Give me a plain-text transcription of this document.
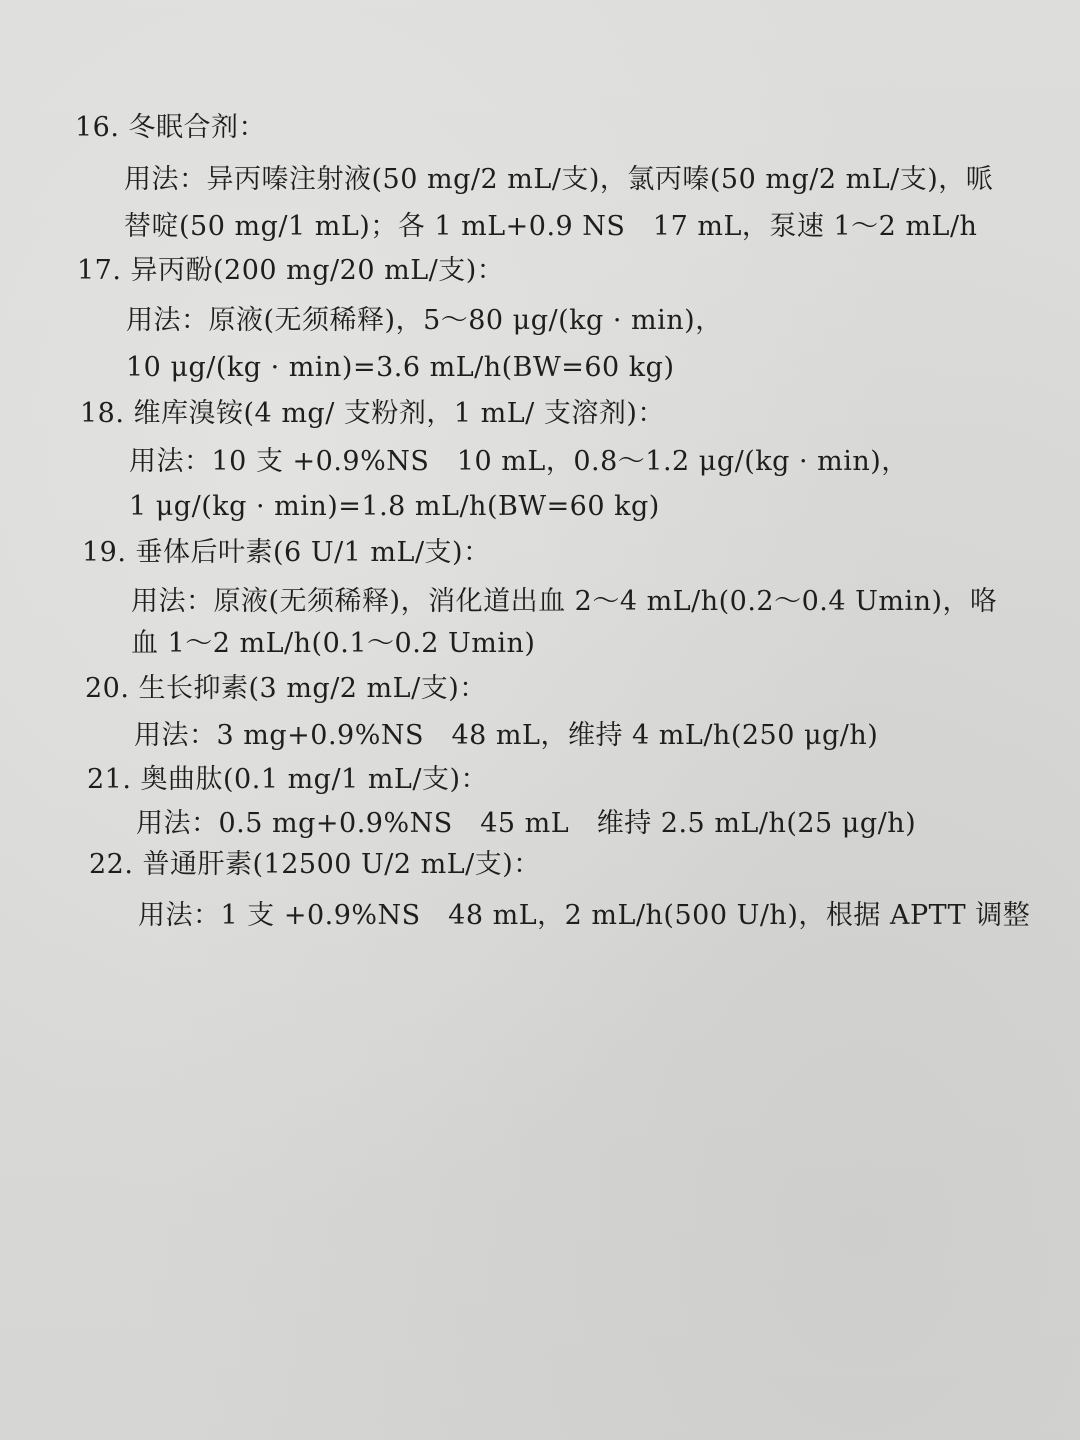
16. 冬眠合剂：
用法：异丙嗪注射液(50 mg/2 mL/支)，氯丙嗪(50 mg/2 mL/支)，哌
替啶(50 mg/1 mL)；各 1 mL+0.9 NS　17 mL，泵速 1～2 mL/h
17. 异丙酚(200 mg/20 mL/支)：
用法：原液(无须稀释)，5～80 μg/(kg · min)，
10 μg/(kg · min)=3.6 mL/h(BW=60 kg)
18. 维库溴铵(4 mg/ 支粉剂，1 mL/ 支溶剂)：
用法：10 支 +0.9%NS　10 mL，0.8～1.2 μg/(kg · min)，
1 μg/(kg · min)=1.8 mL/h(BW=60 kg)
19. 垂体后叶素(6 U/1 mL/支)：
用法：原液(无须稀释)，消化道出血 2～4 mL/h(0.2～0.4 Umin)，咯
血 1～2 mL/h(0.1～0.2 Umin)
20. 生长抑素(3 mg/2 mL/支)：
用法：3 mg+0.9%NS　48 mL，维持 4 mL/h(250 μg/h)
21. 奥曲肽(0.1 mg/1 mL/支)：
用法：0.5 mg+0.9%NS　45 mL　维持 2.5 mL/h(25 μg/h)
22. 普通肝素(12500 U/2 mL/支)：
用法：1 支 +0.9%NS　48 mL，2 mL/h(500 U/h)，根据 APTT 调整
